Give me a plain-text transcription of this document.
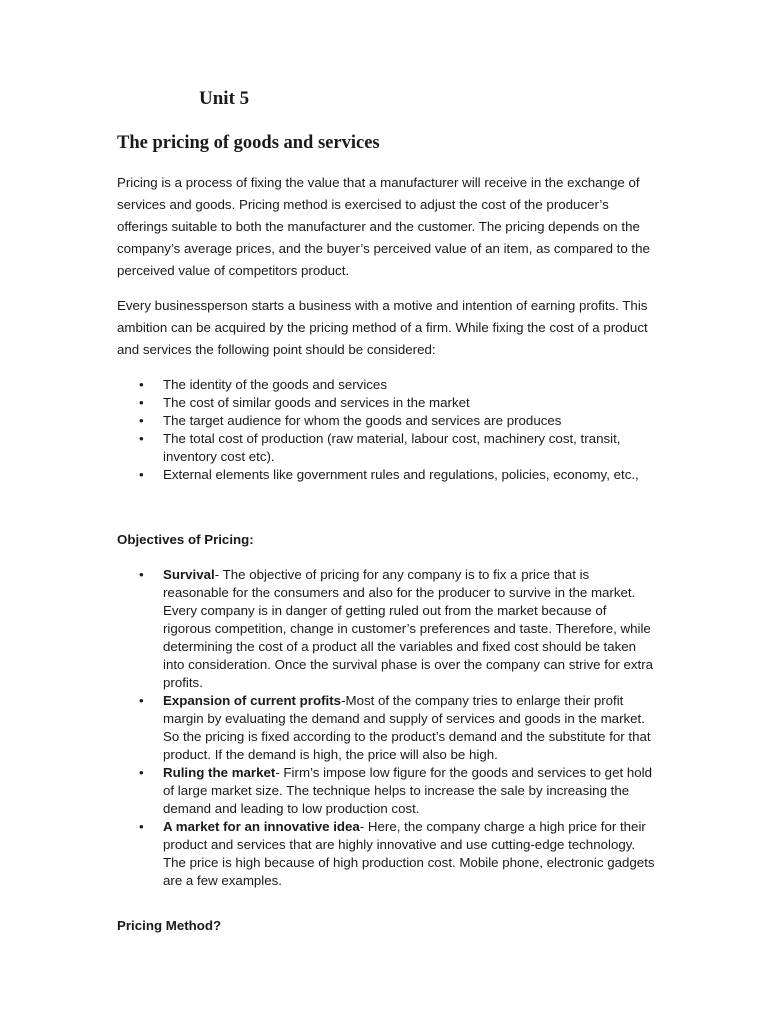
Unit 5
The pricing of goods and services

Pricing is a process of fixing the value that a manufacturer will receive in the exchange of services and goods. Pricing method is exercised to adjust the cost of the producer’s offerings suitable to both the manufacturer and the customer. The pricing depends on the company’s average prices, and the buyer’s perceived value of an item, as compared to the perceived value of competitors product.

Every businessperson starts a business with a motive and intention of earning profits. This ambition can be acquired by the pricing method of a firm. While fixing the cost of a product and services the following point should be considered:

• The identity of the goods and services
• The cost of similar goods and services in the market
• The target audience for whom the goods and services are produces
• The total cost of production (raw material, labour cost, machinery cost, transit, inventory cost etc).
• External elements like government rules and regulations, policies, economy, etc.,

Objectives of Pricing:

• Survival- The objective of pricing for any company is to fix a price that is reasonable for the consumers and also for the producer to survive in the market. Every company is in danger of getting ruled out from the market because of rigorous competition, change in customer’s preferences and taste. Therefore, while determining the cost of a product all the variables and fixed cost should be taken into consideration. Once the survival phase is over the company can strive for extra profits.
• Expansion of current profits-Most of the company tries to enlarge their profit margin by evaluating the demand and supply of services and goods in the market. So the pricing is fixed according to the product’s demand and the substitute for that product. If the demand is high, the price will also be high.
• Ruling the market- Firm’s impose low figure for the goods and services to get hold of large market size. The technique helps to increase the sale by increasing the demand and leading to low production cost.
• A market for an innovative idea- Here, the company charge a high price for their product and services that are highly innovative and use cutting-edge technology. The price is high because of high production cost. Mobile phone, electronic gadgets are a few examples.

Pricing Method?
